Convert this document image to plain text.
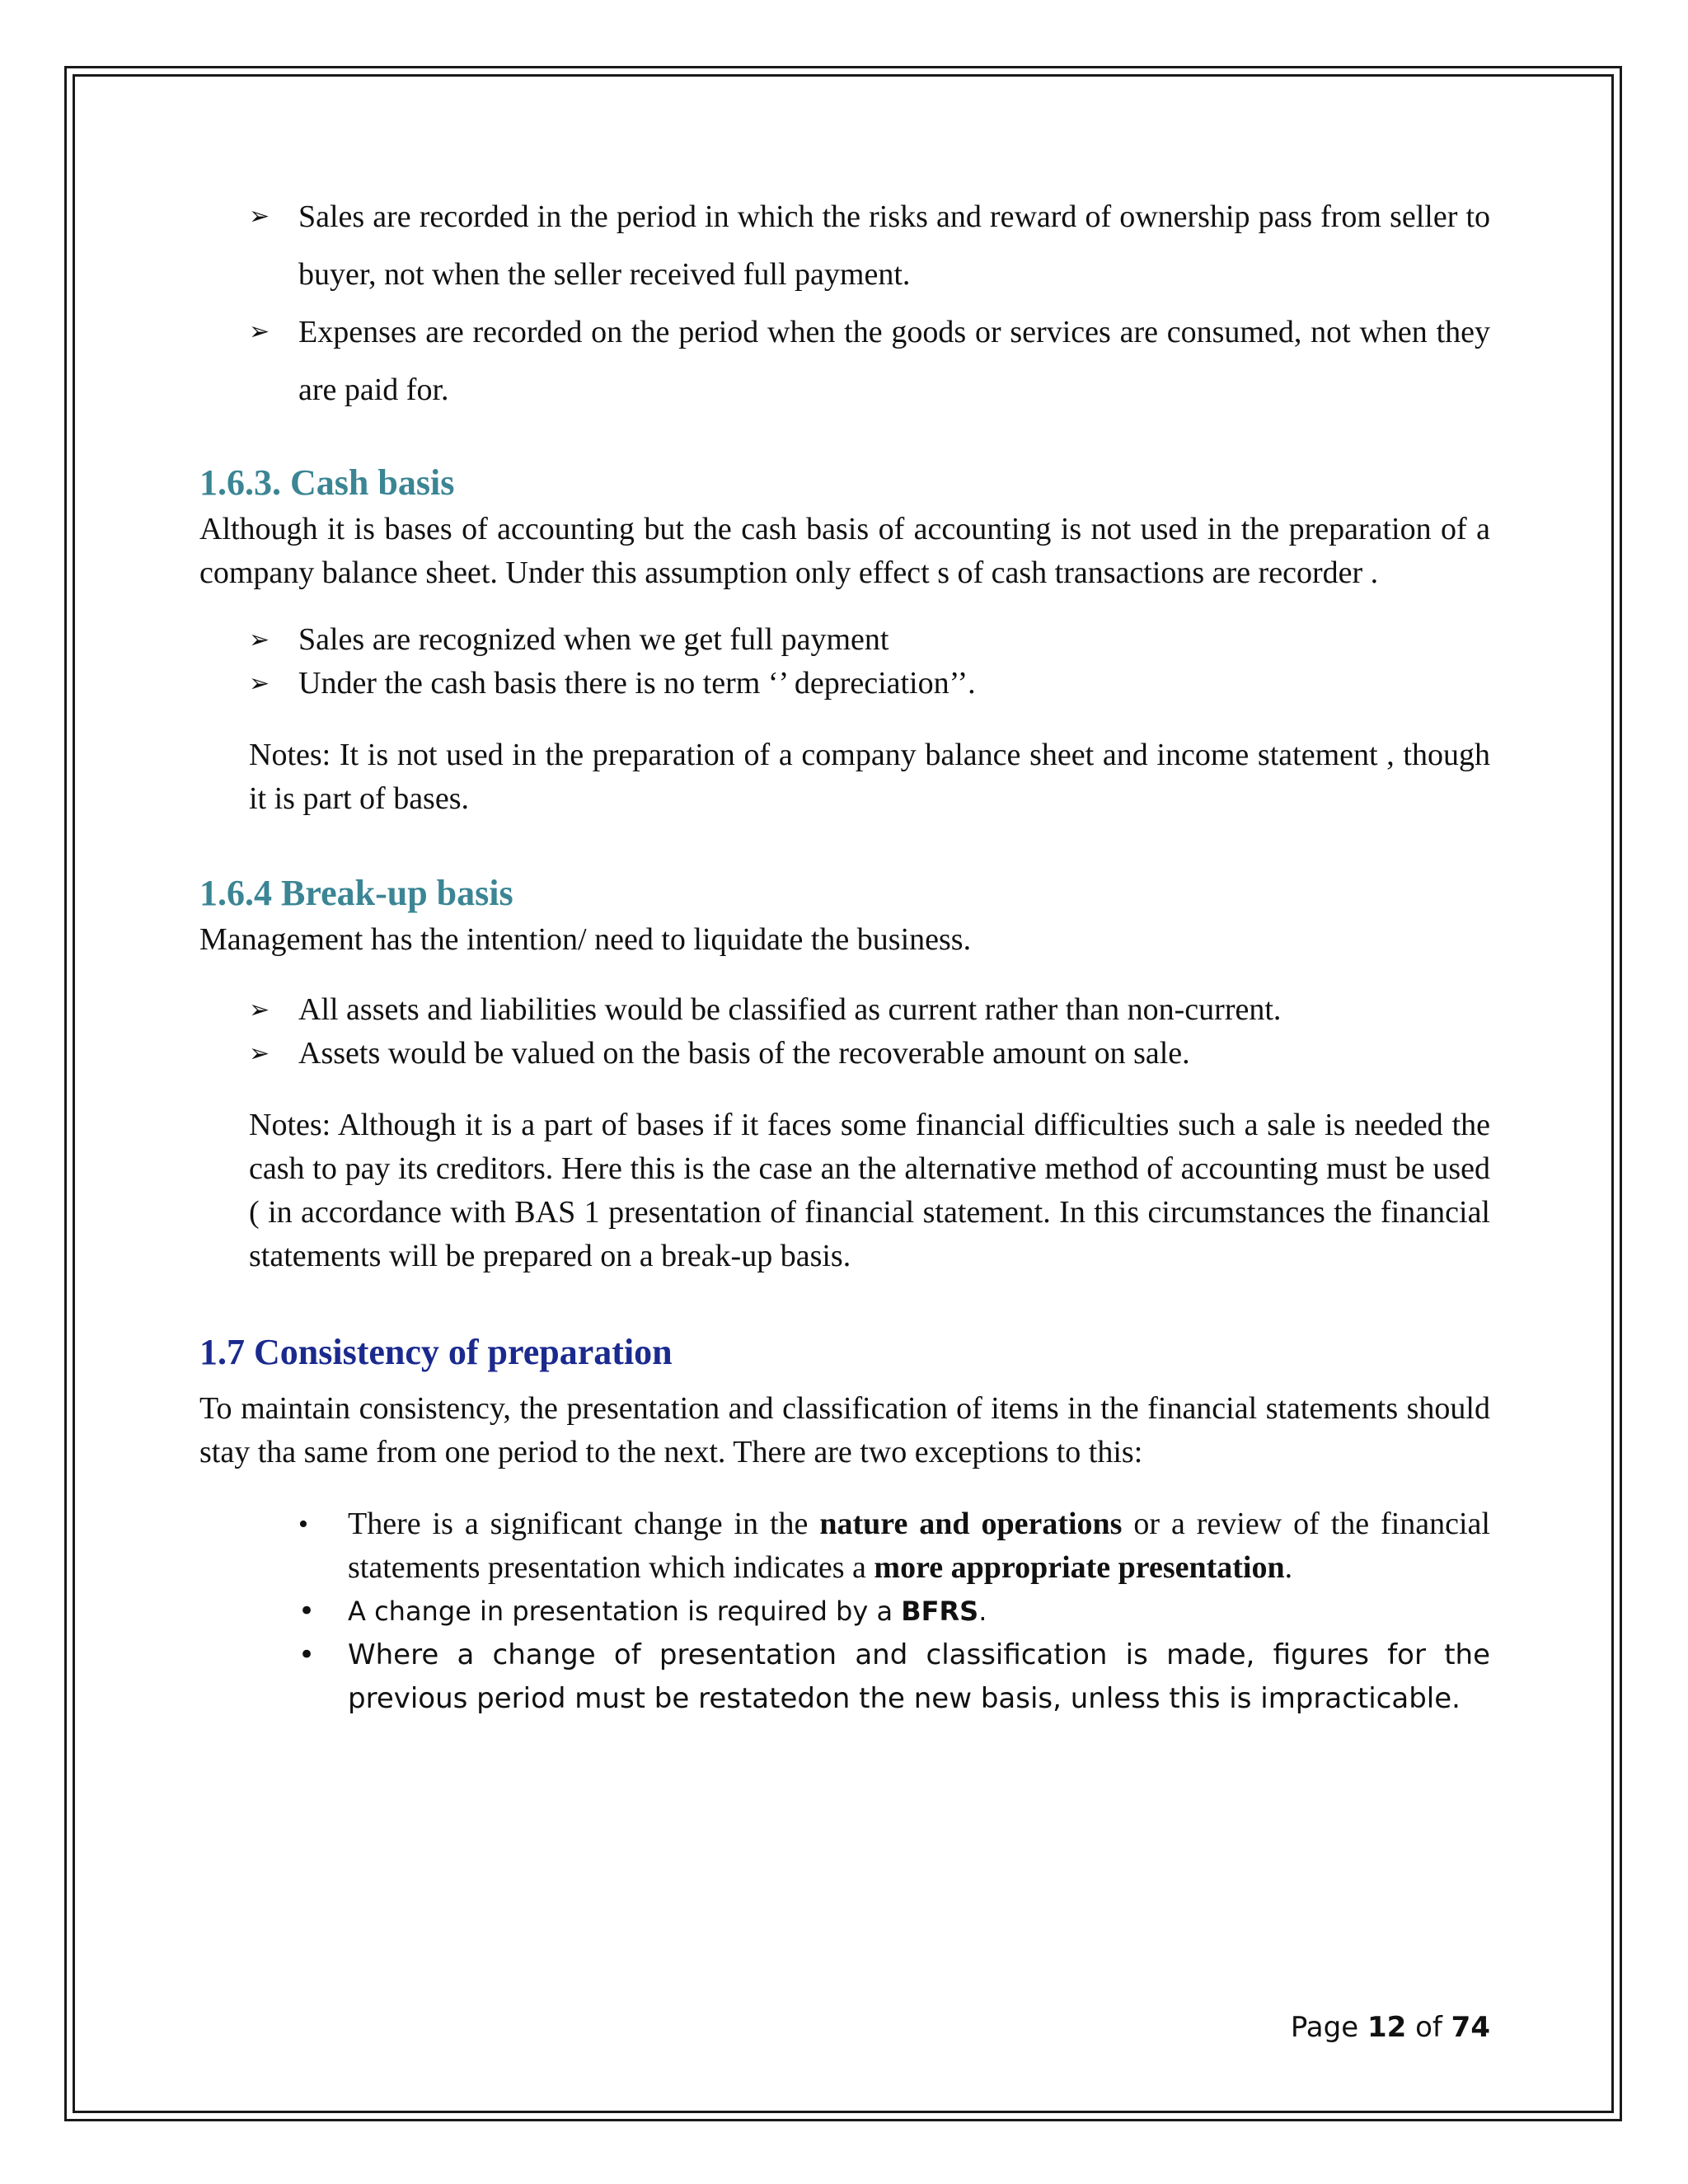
➢ Sales are recorded in the period in which the risks and reward of ownership pass from seller to buyer, not when the seller received full payment.
➢ Expenses are recorded on the period when the goods or services are consumed, not when they are paid for.
1.6.3. Cash basis
Although it is bases of accounting but the cash basis of accounting is not used in the preparation of a company balance sheet. Under this assumption only effect s of cash transactions are recorder .
➢ Sales are recognized when we get full payment
➢ Under the cash basis there is no term ‘’ depreciation’’.
Notes: It is not used in the preparation of a company balance sheet and income statement , though it is part of bases.
1.6.4 Break-up basis
Management has the intention/ need to liquidate the business.
➢ All assets and liabilities would be classified as current rather than non-current.
➢ Assets would be valued on the basis of the recoverable amount on sale.
Notes: Although it is a part of bases if it faces some financial difficulties such a sale is needed the cash to pay its creditors. Here this is the case an the alternative method of accounting must be used ( in accordance with BAS 1 presentation of financial statement. In this circumstances the financial statements will be prepared on a break-up basis.
1.7 Consistency of preparation
To maintain consistency, the presentation and classification of items in the financial statements should stay tha same from one period to the next. There are two exceptions to this:
• There is a significant change in the nature and operations or a review of the financial statements presentation which indicates a more appropriate presentation.
• A change in presentation is required by a BFRS.
• Where a change of presentation and classification is made, figures for the previous period must be restatedon the new basis, unless this is impracticable.
Page 12 of 74
